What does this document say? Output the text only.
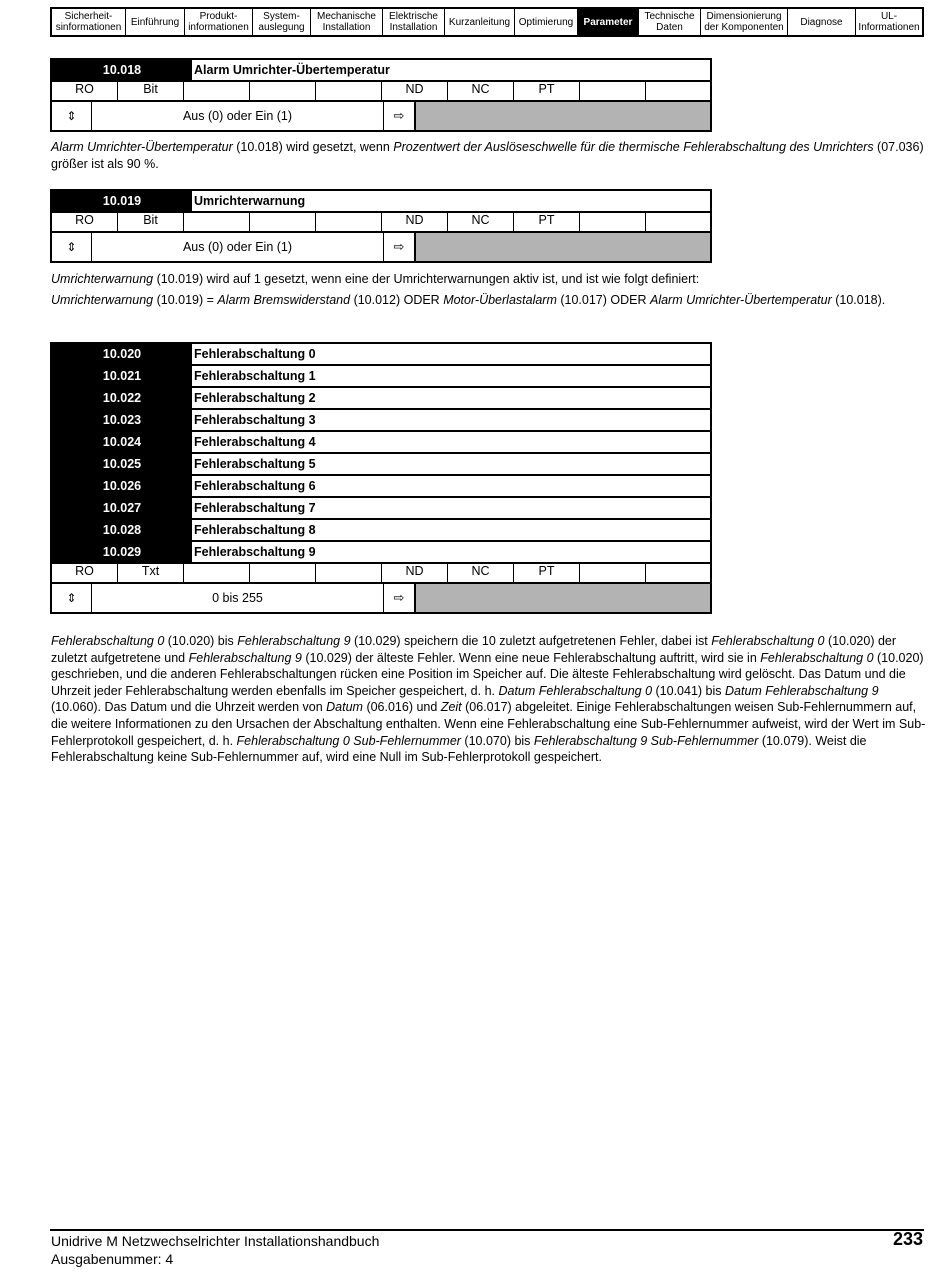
Sicherheit-
sinformationen Einführung	Produkt-
informationen
System-
auslegung
Mechanische
Installation
Elektrische
Installation	Kurzanleitung Optimierung	Parameter	Technische
Daten
Dimensionierung
der Komponenten	Diagnose	UL-
Informationen
10.018	Alarm Umrichter-Übertemperatur
RO	Bit	ND	NC	PT
⇕	Aus (0) oder Ein (1)	⇨
Alarm Umrichter-Übertemperatur (10.018) wird gesetzt, wenn Prozentwert der Auslöseschwelle für die thermische Fehlerabschaltung des Umrichters (07.036) größer ist als 90 %.
10.019	Umrichterwarnung
RO	Bit	ND	NC	PT
⇕	Aus (0) oder Ein (1)	⇨
Umrichterwarnung (10.019) wird auf 1 gesetzt, wenn eine der Umrichterwarnungen aktiv ist, und ist wie folgt definiert:
Umrichterwarnung (10.019) = Alarm Bremswiderstand (10.012) ODER Motor-Überlastalarm (10.017) ODER Alarm Umrichter-Übertemperatur (10.018).
10.020	Fehlerabschaltung 0
10.021	Fehlerabschaltung 1
10.022	Fehlerabschaltung 2
10.023	Fehlerabschaltung 3
10.024	Fehlerabschaltung 4
10.025	Fehlerabschaltung 5
10.026	Fehlerabschaltung 6
10.027	Fehlerabschaltung 7
10.028	Fehlerabschaltung 8
10.029	Fehlerabschaltung 9
RO	Txt	ND	NC	PT
⇕	0 bis 255	⇨
Fehlerabschaltung 0 (10.020) bis Fehlerabschaltung 9 (10.029) speichern die 10 zuletzt aufgetretenen Fehler, dabei ist Fehlerabschaltung 0 (10.020) der zuletzt aufgetretene und Fehlerabschaltung 9 (10.029) der älteste Fehler. Wenn eine neue Fehlerabschaltung auftritt, wird sie in Fehlerabschaltung 0 (10.020) geschrieben, und die anderen Fehlerabschaltungen rücken eine Position im Speicher auf. Die älteste Fehlerabschaltung wird gelöscht. Das Datum und die Uhrzeit jeder Fehlerabschaltung werden ebenfalls im Speicher gespeichert, d. h. Datum Fehlerabschaltung 0 (10.041) bis Datum Fehlerabschaltung 9 (10.060). Das Datum und die Uhrzeit werden von Datum (06.016) und Zeit (06.017) abgeleitet. Einige Fehlerabschaltungen weisen Sub-Fehlernummern auf, die weitere Informationen zu den Ursachen der Abschaltung enthalten. Wenn eine Fehlerabschaltung eine Sub-Fehlernummer aufweist, wird der Wert im Sub-Fehlerprotokoll gespeichert, d. h. Fehlerabschaltung 0 Sub-Fehlernummer (10.070) bis Fehlerabschaltung 9 Sub-Fehlernummer (10.079). Weist die Fehlerabschaltung keine Sub-Fehlernummer auf, wird eine Null im Sub-Fehlerprotokoll gespeichert.
Unidrive M Netzwechselrichter Installationshandbuch
Ausgabenummer: 4
233
